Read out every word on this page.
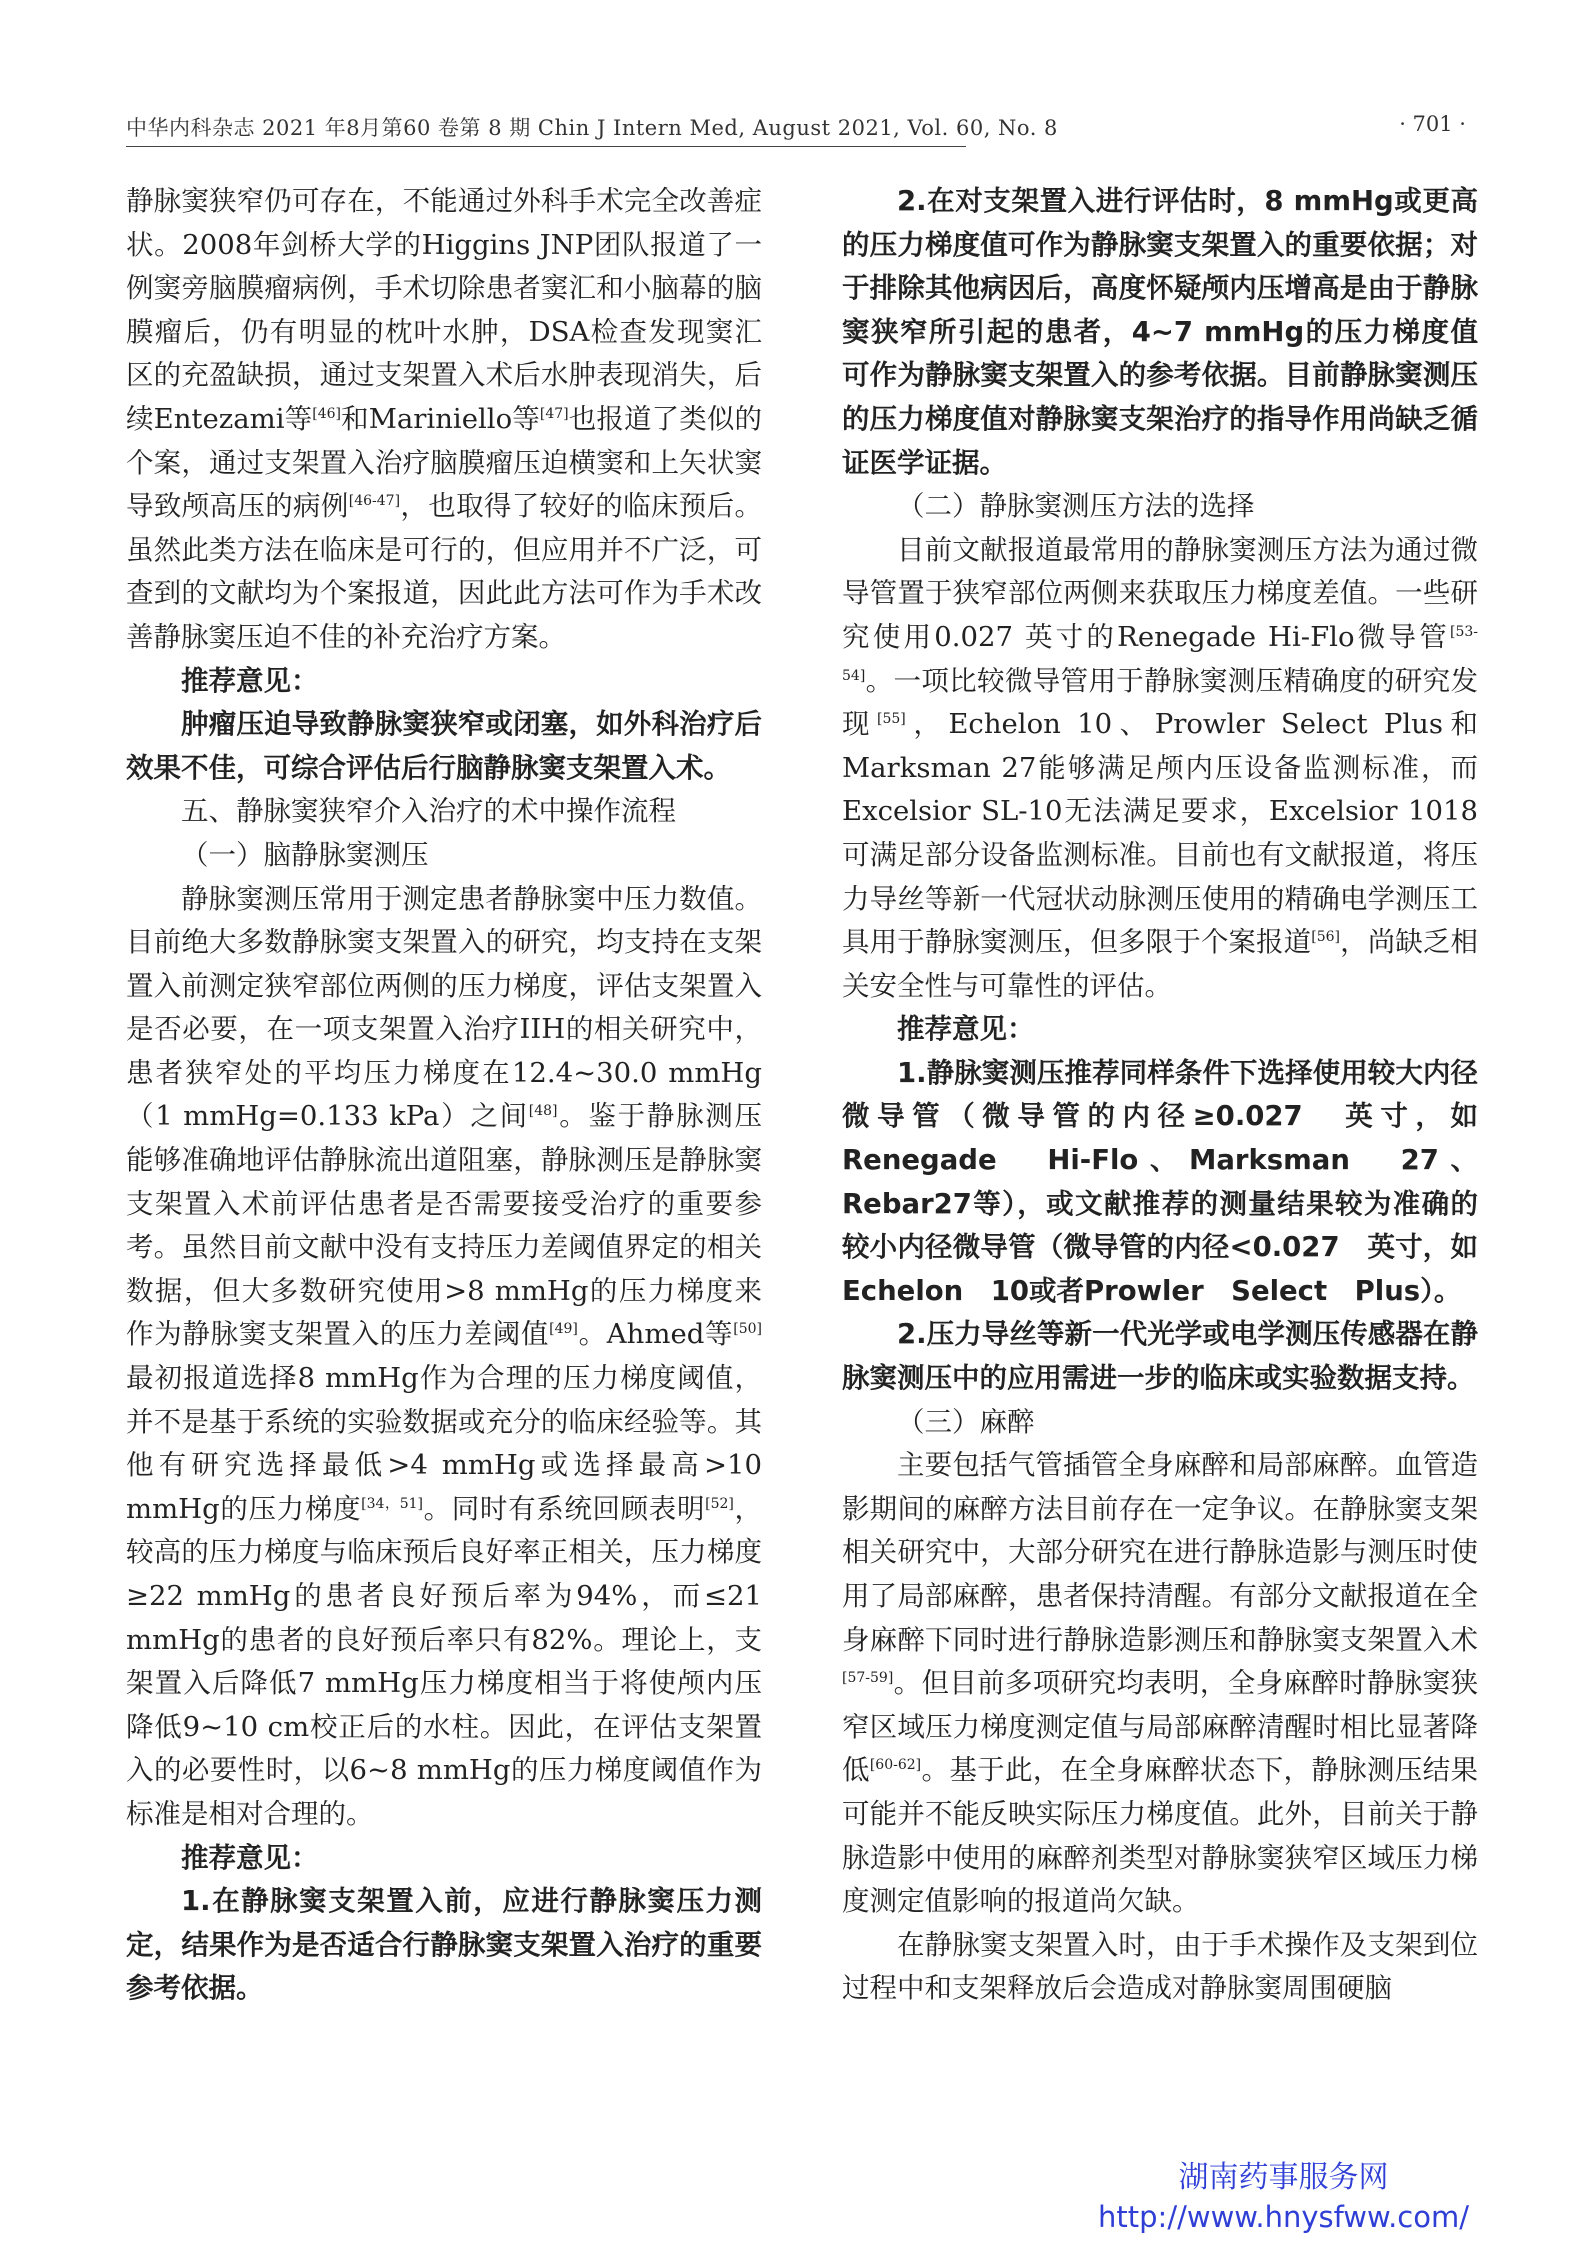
中华内科杂志 2021 年8月第60 卷第 8 期 Chin J Intern Med, August 2021, Vol. 60, No. 8	· 701 ·

静脉窦狭窄仍可存在，不能通过外科手术完全改善症状。2008年剑桥大学的Higgins JNP团队报道了一例窦旁脑膜瘤病例，手术切除患者窦汇和小脑幕的脑膜瘤后，仍有明显的枕叶水肿，DSA检查发现窦汇区的充盈缺损，通过支架置入术后水肿表现消失，后续Entezami等[46]和Mariniello等[47]也报道了类似的个案，通过支架置入治疗脑膜瘤压迫横窦和上矢状窦导致颅高压的病例[46-47]，也取得了较好的临床预后。虽然此类方法在临床是可行的，但应用并不广泛，可查到的文献均为个案报道，因此此方法可作为手术改善静脉窦压迫不佳的补充治疗方案。

推荐意见：

肿瘤压迫导致静脉窦狭窄或闭塞，如外科治疗后效果不佳，可综合评估后行脑静脉窦支架置入术。

五、静脉窦狭窄介入治疗的术中操作流程

（一）脑静脉窦测压

静脉窦测压常用于测定患者静脉窦中压力数值。目前绝大多数静脉窦支架置入的研究，均支持在支架置入前测定狭窄部位两侧的压力梯度，评估支架置入是否必要，在一项支架置入治疗IIH的相关研究中，患者狭窄处的平均压力梯度在12.4~30.0 mmHg（1 mmHg=0.133 kPa）之间[48]。鉴于静脉测压能够准确地评估静脉流出道阻塞，静脉测压是静脉窦支架置入术前评估患者是否需要接受治疗的重要参考。虽然目前文献中没有支持压力差阈值界定的相关数据，但大多数研究使用>8 mmHg的压力梯度来作为静脉窦支架置入的压力差阈值[49]。Ahmed等[50]最初报道选择8 mmHg作为合理的压力梯度阈值，并不是基于系统的实验数据或充分的临床经验等。其他有研究选择最低>4 mmHg或选择最高>10 mmHg的压力梯度[34，51]。同时有系统回顾表明[52]，较高的压力梯度与临床预后良好率正相关，压力梯度≥22 mmHg的患者良好预后率为94%，而≤21 mmHg的患者的良好预后率只有82%。理论上，支架置入后降低7 mmHg压力梯度相当于将使颅内压降低9~10 cm校正后的水柱。因此，在评估支架置入的必要性时，以6~8 mmHg的压力梯度阈值作为标准是相对合理的。

推荐意见：

1.在静脉窦支架置入前，应进行静脉窦压力测定，结果作为是否适合行静脉窦支架置入治疗的重要参考依据。

2.在对支架置入进行评估时，8 mmHg或更高的压力梯度值可作为静脉窦支架置入的重要依据；对于排除其他病因后，高度怀疑颅内压增高是由于静脉窦狭窄所引起的患者，4~7 mmHg的压力梯度值可作为静脉窦支架置入的参考依据。目前静脉窦测压的压力梯度值对静脉窦支架治疗的指导作用尚缺乏循证医学证据。

（二）静脉窦测压方法的选择

目前文献报道最常用的静脉窦测压方法为通过微导管置于狭窄部位两侧来获取压力梯度差值。一些研究使用0.027 英寸的Renegade Hi-Flo微导管[53-54]。一项比较微导管用于静脉窦测压精确度的研究发现[55]，Echelon 10、Prowler Select Plus和Marksman 27能够满足颅内压设备监测标准，而Excelsior SL-10无法满足要求，Excelsior 1018可满足部分设备监测标准。目前也有文献报道，将压力导丝等新一代冠状动脉测压使用的精确电学测压工具用于静脉窦测压，但多限于个案报道[56]，尚缺乏相关安全性与可靠性的评估。

推荐意见：

1.静脉窦测压推荐同样条件下选择使用较大内径微导管（微导管的内径≥0.027　英寸，如Renegade　Hi-Flo、Marksman　27、Rebar27等），或文献推荐的测量结果较为准确的较小内径微导管（微导管的内径<0.027　英寸，如Echelon　10或者Prowler　Select　Plus）。

2.压力导丝等新一代光学或电学测压传感器在静脉窦测压中的应用需进一步的临床或实验数据支持。

（三）麻醉

主要包括气管插管全身麻醉和局部麻醉。血管造影期间的麻醉方法目前存在一定争议。在静脉窦支架相关研究中，大部分研究在进行静脉造影与测压时使用了局部麻醉，患者保持清醒。有部分文献报道在全身麻醉下同时进行静脉造影测压和静脉窦支架置入术[57-59]。但目前多项研究均表明，全身麻醉时静脉窦狭窄区域压力梯度测定值与局部麻醉清醒时相比显著降低[60-62]。基于此，在全身麻醉状态下，静脉测压结果可能并不能反映实际压力梯度值。此外，目前关于静脉造影中使用的麻醉剂类型对静脉窦狭窄区域压力梯度测定值影响的报道尚欠缺。

在静脉窦支架置入时，由于手术操作及支架到位过程中和支架释放后会造成对静脉窦周围硬脑

湖南药事服务网
http://www.hnysfww.com/
